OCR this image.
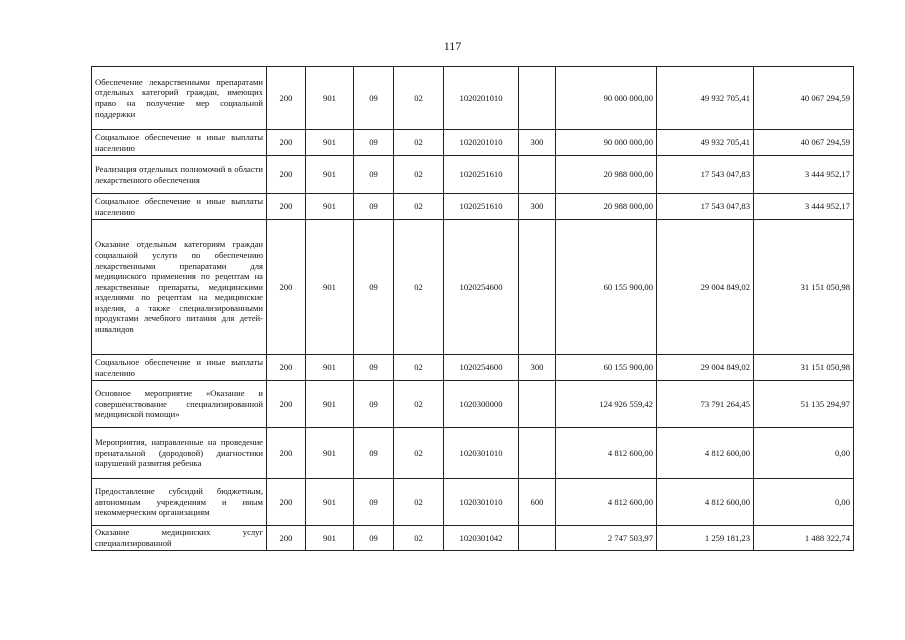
117
Обеспечение лекарственными препаратами отдельных категорий граждан, имеющих право на получение мер социальной поддержки	200	901	09	02	1020201010		90 000 000,00	49 932 705,41	40 067 294,59
Социальное обеспечение и иные выплаты населению	200	901	09	02	1020201010	300	90 000 000,00	49 932 705,41	40 067 294,59
Реализация отдельных полномочий в области лекарственного обеспечения	200	901	09	02	1020251610		20 988 000,00	17 543 047,83	3 444 952,17
Социальное обеспечение и иные выплаты населению	200	901	09	02	1020251610	300	20 988 000,00	17 543 047,83	3 444 952,17
Оказание отдельным категориям граждан социальной услуги по обеспечению лекарственными препаратами для медицинского применения по рецептам на лекарственные препараты, медицинскими изделиями по рецептам на медицинские изделия, а также специализированными продуктами лечебного питания для детей-инвалидов	200	901	09	02	1020254600		60 155 900,00	29 004 849,02	31 151 050,98
Социальное обеспечение и иные выплаты населению	200	901	09	02	1020254600	300	60 155 900,00	29 004 849,02	31 151 050,98
Основное мероприятие «Оказание и совершенствование специализированной медицинской помощи»	200	901	09	02	1020300000		124 926 559,42	73 791 264,45	51 135 294,97
Мероприятия, направленные на проведение пренатальной (дородовой) диагностики нарушений развития ребенка	200	901	09	02	1020301010		4 812 600,00	4 812 600,00	0,00
Предоставление субсидий бюджетным, автономным учреждениям и иным некоммерческим организациям	200	901	09	02	1020301010	600	4 812 600,00	4 812 600,00	0,00
Оказание медицинских услуг специализированной	200	901	09	02	1020301042		2 747 503,97	1 259 181,23	1 488 322,74
